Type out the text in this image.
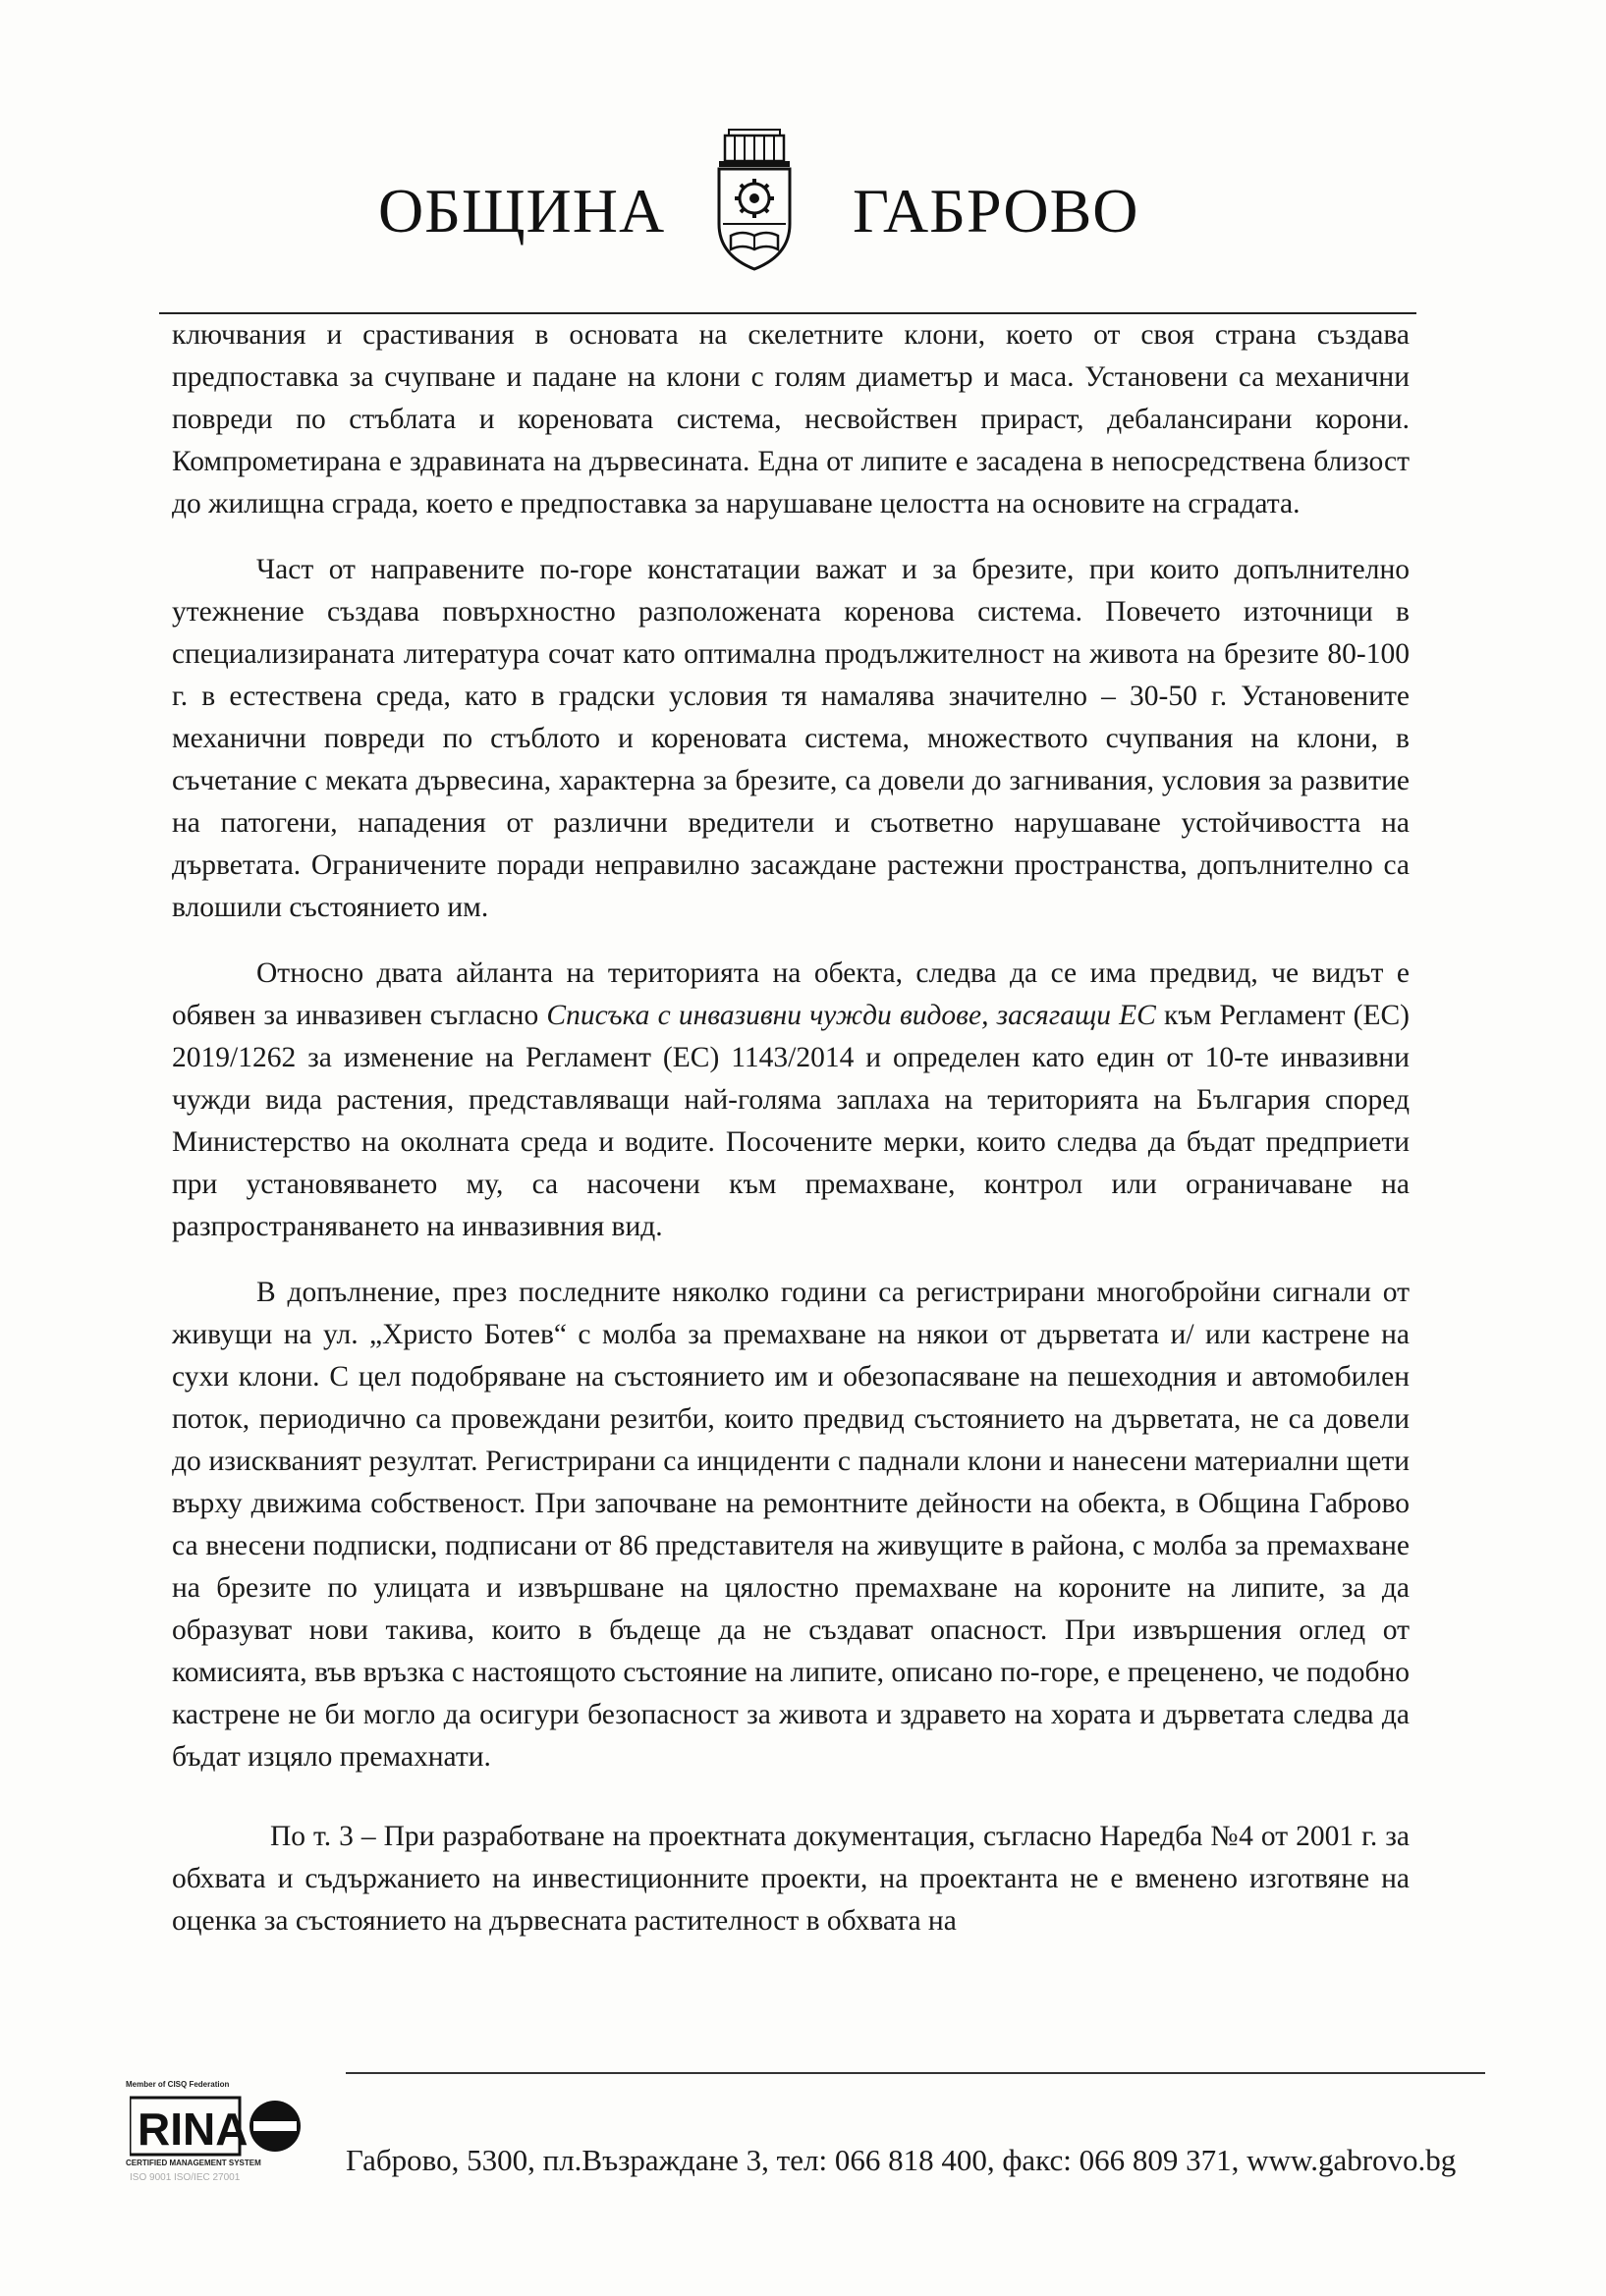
ОБЩИНА	ГАБРОВО

ключвания и срастивания в основата на скелетните клони, което от своя страна създава предпоставка за счупване и падане на клони с голям диаметър и маса. Установени са механични повреди по стъблата и кореновата система, несвойствен прираст, дебалансирани корони. Компрометирана е здравината на дървесината. Една от липите е засадена в непосредствена близост до жилищна сграда, което е предпоставка за нарушаване целостта на основите на сградата.

Част от направените по-горе констатации важат и за брезите, при които допълнително утежнение създава повърхностно разположената коренова система. Повечето източници в специализираната литература сочат като оптимална продължителност на живота на брезите 80-100 г. в естествена среда, като в градски условия тя намалява значително – 30-50 г. Установените механични повреди по стъблото и кореновата система, множеството счупвания на клони, в съчетание с меката дървесина, характерна за брезите, са довели до загнивания, условия за развитие на патогени, нападения от различни вредители и съответно нарушаване устойчивостта на дърветата. Ограничените поради неправилно засаждане растежни пространства, допълнително са влошили състоянието им.

Относно двата айланта на територията на обекта, следва да се има предвид, че видът е обявен за инвазивен съгласно Списъка с инвазивни чужди видове, засягащи ЕС към Регламент (ЕС) 2019/1262 за изменение на Регламент (ЕС) 1143/2014 и определен като един от 10-те инвазивни чужди вида растения, представляващи най-голяма заплаха на територията на България според Министерство на околната среда и водите. Посочените мерки, които следва да бъдат предприети при установяването му, са насочени към премахване, контрол или ограничаване на разпространяването на инвазивния вид.

В допълнение, през последните няколко години са регистрирани многобройни сигнали от живущи на ул. „Христо Ботев“ с молба за премахване на някои от дърветата и/ или кастрене на сухи клони. С цел подобряване на състоянието им и обезопасяване на пешеходния и автомобилен поток, периодично са провеждани резитби, които предвид състоянието на дърветата, не са довели до изискваният резултат. Регистрирани са инциденти с паднали клони и нанесени материални щети върху движима собственост. При започване на ремонтните дейности на обекта, в Община Габрово са внесени подписки, подписани от 86 представителя на живущите в района, с молба за премахване на брезите по улицата и извършване на цялостно премахване на короните на липите, за да образуват нови такива, които в бъдеще да не създават опасност. При извършения оглед от комисията, във връзка с настоящото състояние на липите, описано по-горе, е преценено, че подобно кастрене не би могло да осигури безопасност за живота и здравето на хората и дърветата следва да бъдат изцяло премахнати.

По т. 3 – При разработване на проектната документация, съгласно Наредба №4 от 2001 г. за обхвата и съдържанието на инвестиционните проекти, на проектанта не е вменено изготвяне на оценка за състоянието на дървесната растителност в обхвата на

Member of CISQ Federation
RINA
CERTIFIED MANAGEMENT SYSTEM
ISO 9001 ISO/IEC 27001
Габрово, 5300, пл.Възраждане 3, тел: 066 818 400, факс: 066 809 371, www.gabrovo.bg
